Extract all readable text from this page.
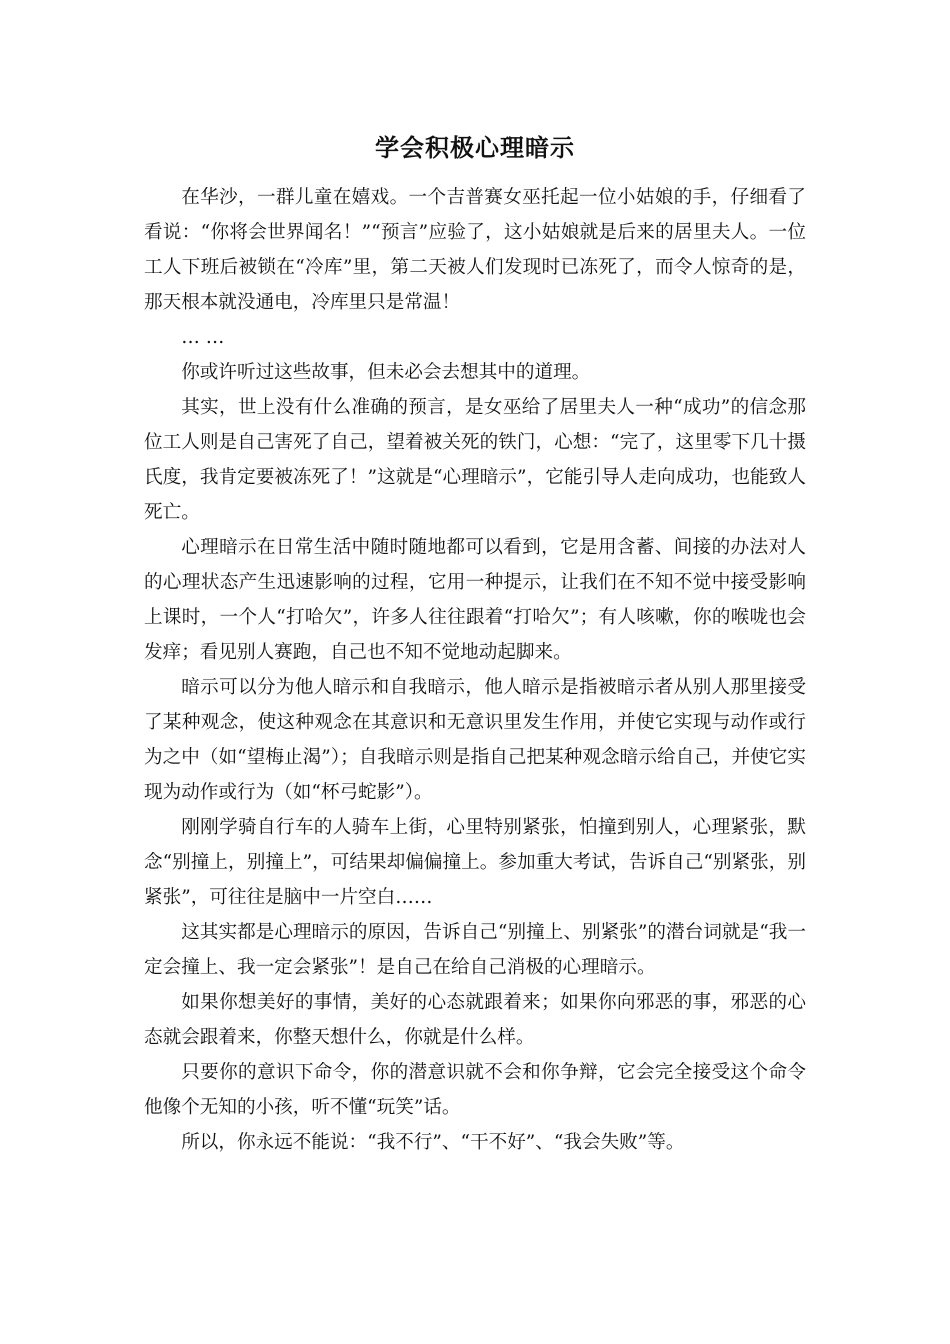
学会积极心理暗示

在华沙，一群儿童在嬉戏。一个吉普赛女巫托起一位小姑娘的手，仔细看了看说：“你将会世界闻名！”“预言”应验了，这小姑娘就是后来的居里夫人。一位工人下班后被锁在“冷库”里，第二天被人们发现时已冻死了，而令人惊奇的是，那天根本就没通电，冷库里只是常温！

… …

你或许听过这些故事，但未必会去想其中的道理。

其实，世上没有什么准确的预言，是女巫给了居里夫人一种“成功”的信念那位工人则是自己害死了自己，望着被关死的铁门，心想：“完了，这里零下几十摄氏度，我肯定要被冻死了！”这就是“心理暗示”，它能引导人走向成功，也能致人死亡。

心理暗示在日常生活中随时随地都可以看到，它是用含蓄、间接的办法对人的心理状态产生迅速影响的过程，它用一种提示，让我们在不知不觉中接受影响上课时，一个人“打哈欠”，许多人往往跟着“打哈欠”；有人咳嗽，你的喉咙也会发痒；看见别人赛跑，自己也不知不觉地动起脚来。

暗示可以分为他人暗示和自我暗示，他人暗示是指被暗示者从别人那里接受了某种观念，使这种观念在其意识和无意识里发生作用，并使它实现与动作或行为之中（如“望梅止渴”）；自我暗示则是指自己把某种观念暗示给自己，并使它实现为动作或行为（如“杯弓蛇影”）。

刚刚学骑自行车的人骑车上街，心里特别紧张，怕撞到别人，心理紧张，默念“别撞上，别撞上”，可结果却偏偏撞上。参加重大考试，告诉自己“别紧张，别紧张”，可往往是脑中一片空白……

这其实都是心理暗示的原因，告诉自己“别撞上、别紧张”的潜台词就是“我一定会撞上、我一定会紧张”！是自己在给自己消极的心理暗示。

如果你想美好的事情，美好的心态就跟着来；如果你向邪恶的事，邪恶的心态就会跟着来，你整天想什么，你就是什么样。

只要你的意识下命令，你的潜意识就不会和你争辩，它会完全接受这个命令他像个无知的小孩，听不懂“玩笑”话。

所以，你永远不能说：“我不行”、“干不好”、“我会失败”等。
